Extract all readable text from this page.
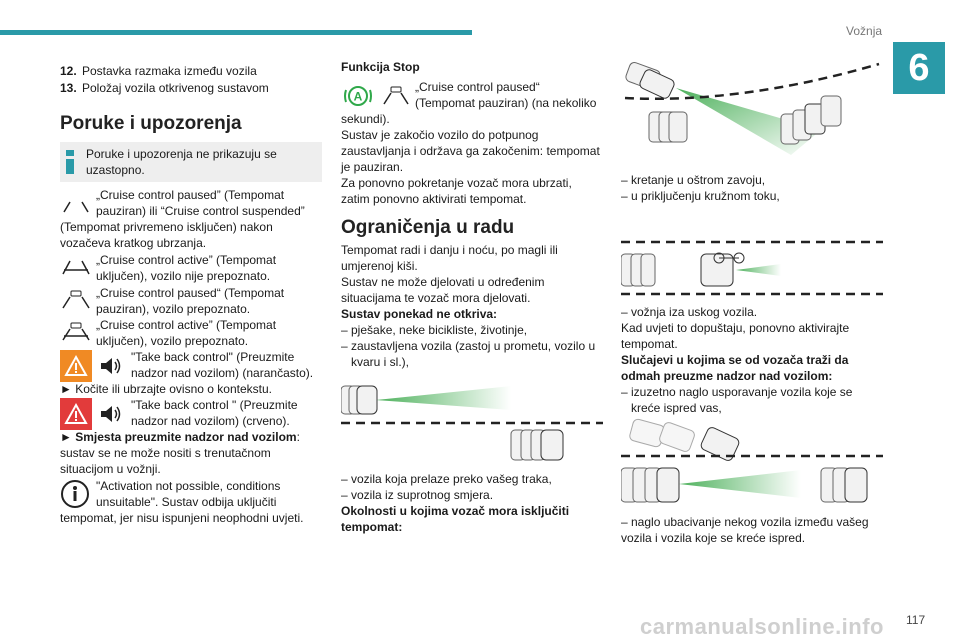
Vožnja
6

12. Postavka razmaka između vozila

13. Položaj vozila otkrivenog sustavom

Poruke i upozorenja

Poruke i upozorenja ne prikazuju se uzastopno.

„Cruise control paused” (Tempomat

pauziran) ili “Cruise control suspended”

(Tempomat privremeno isključen) nakon

vozačeva kratkog ubrzanja.

„Cruise control active” (Tempomat

uključen), vozilo nije prepoznato.

„Cruise control paused“ (Tempomat

pauziran), vozilo prepoznato.

„Cruise control active” (Tempomat

uključen), vozilo prepoznato.

"Take back control" (Preuzmite

nadzor nad vozilom) (narančasto).

► Kočite ili ubrzajte ovisno o kontekstu.

"Take back control " (Preuzmite

nadzor nad vozilom) (crveno).

► Smjesta preuzmite nadzor nad vozilom:

sustav se ne može nositi s trenutačnom

situacijom u vožnji.

"Activation not possible, conditions

unsuitable". Sustav odbija uključiti

tempomat, jer nisu ispunjeni neophodni uvjeti.

Funkcija Stop

A

„Cruise control paused“

(Tempomat pauziran) (na nekoliko

sekundi).

Sustav je zakočio vozilo do potpunog

zaustavljanja i održava ga zakočenim: tempomat

je pauziran.

Za ponovno pokretanje vozač mora ubrzati,

zatim ponovno aktivirati tempomat.

Ograničenja u radu

Tempomat radi i danju i noću, po magli ili

umjerenoj kiši.

Sustav ne može djelovati u određenim

situacijama te vozač mora djelovati.

Sustav ponekad ne otkriva:

– pješake, neke bicikliste, životinje,

– zaustavljena vozila (zastoj u prometu, vozilo u

kvaru i sl.),

– vozila koja prelaze preko vašeg traka,

– vozila iz suprotnog smjera.

Okolnosti u kojima vozač mora isključiti

tempomat:

– kretanje u oštrom zavoju,

– u priključenju kružnom toku,

– vožnja iza uskog vozila.

Kad uvjeti to dopuštaju, ponovno aktivirajte

tempomat.

Slučajevi u kojima se od vozača traži da

odmah preuzme nadzor nad vozilom:

– izuzetno naglo usporavanje vozila koje se

kreće ispred vas,

– naglo ubacivanje nekog vozila između vašeg

vozila i vozila koje se kreće ispred.

carmanualsonline.info 117
